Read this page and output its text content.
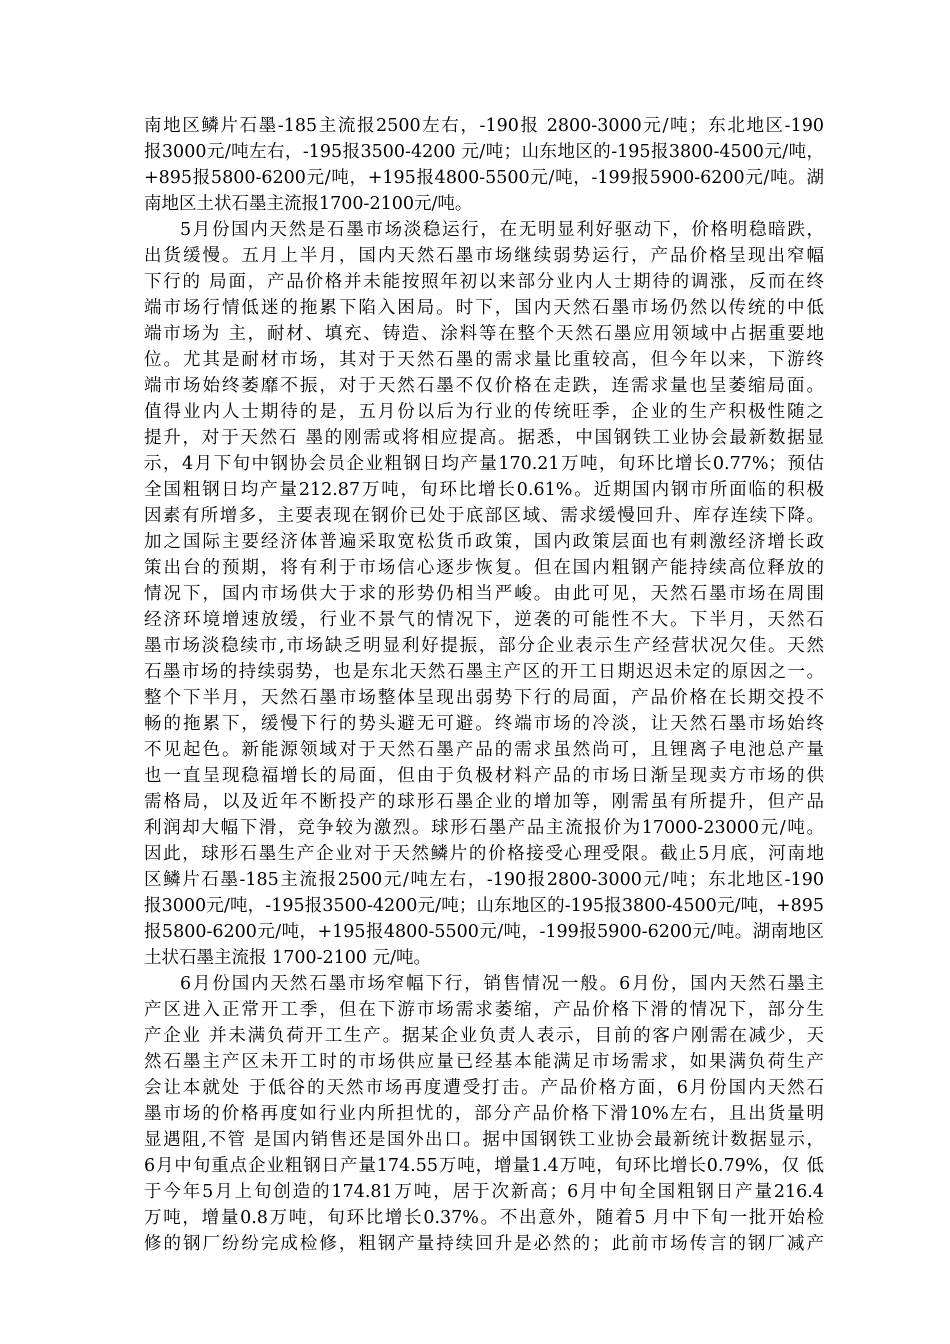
南地区鳞片石墨-185主流报2500左右，-190报 2800-3000元/吨；东北地区-190
报3000元/吨左右，-195报3500-4200 元/吨；山东地区的-195报3800-4500元/吨，
+895报5800-6200元/吨，+195报4800-5500元/吨，-199报5900-6200元/吨。湖
南地区土状石墨主流报1700-2100元/吨。
5月份国内天然是石墨市场淡稳运行，在无明显利好驱动下，价格明稳暗跌，
出货缓慢。五月上半月，国内天然石墨市场继续弱势运行，产品价格呈现出窄幅
下行的 局面，产品价格并未能按照年初以来部分业内人士期待的调涨，反而在终
端市场行情低迷的拖累下陷入困局。时下，国内天然石墨市场仍然以传统的中低
端市场为 主，耐材、填充、铸造、涂料等在整个天然石墨应用领域中占据重要地
位。尤其是耐材市场，其对于天然石墨的需求量比重较高，但今年以来，下游终
端市场始终萎靡不振，对于天然石墨不仅价格在走跌，连需求量也呈萎缩局面。
值得业内人士期待的是，五月份以后为行业的传统旺季，企业的生产积极性随之
提升，对于天然石 墨的刚需或将相应提高。据悉，中国钢铁工业协会最新数据显
示，4月下旬中钢协会员企业粗钢日均产量170.21万吨，旬环比增长0.77%；预估
全国粗钢日均产量212.87万吨，旬环比增长0.61%。近期国内钢市所面临的积极
因素有所增多，主要表现在钢价已处于底部区域、需求缓慢回升、库存连续下降。
加之国际主要经济体普遍采取宽松货币政策，国内政策层面也有刺激经济增长政
策出台的预期，将有利于市场信心逐步恢复。但在国内粗钢产能持续高位释放的
情况下，国内市场供大于求的形势仍相当严峻。由此可见，天然石墨市场在周围
经济环境增速放缓，行业不景气的情况下，逆袭的可能性不大。下半月，天然石
墨市场淡稳续市,市场缺乏明显利好提振，部分企业表示生产经营状况欠佳。天然
石墨市场的持续弱势，也是东北天然石墨主产区的开工日期迟迟未定的原因之一。
整个下半月，天然石墨市场整体呈现出弱势下行的局面，产品价格在长期交投不
畅的拖累下，缓慢下行的势头避无可避。终端市场的冷淡，让天然石墨市场始终
不见起色。新能源领域对于天然石墨产品的需求虽然尚可，且锂离子电池总产量
也一直呈现稳福增长的局面，但由于负极材料产品的市场日渐呈现卖方市场的供
需格局，以及近年不断投产的球形石墨企业的增加等，刚需虽有所提升，但产品
利润却大幅下滑，竞争较为激烈。球形石墨产品主流报价为17000-23000元/吨。
因此，球形石墨生产企业对于天然鳞片的价格接受心理受限。截止5月底，河南地
区鳞片石墨-185主流报2500元/吨左右，-190报2800-3000元/吨；东北地区-190
报3000元/吨，-195报3500-4200元/吨；山东地区的-195报3800-4500元/吨，+895
报5800-6200元/吨，+195报4800-5500元/吨，-199报5900-6200元/吨。湖南地区
土状石墨主流报 1700-2100 元/吨。
6月份国内天然石墨市场窄幅下行，销售情况一般。6月份，国内天然石墨主
产区进入正常开工季，但在下游市场需求萎缩，产品价格下滑的情况下，部分生
产企业 并未满负荷开工生产。据某企业负责人表示，目前的客户刚需在减少，天
然石墨主产区未开工时的市场供应量已经基本能满足市场需求，如果满负荷生产
会让本就处 于低谷的天然市场再度遭受打击。产品价格方面，6月份国内天然石
墨市场的价格再度如行业内所担忧的，部分产品价格下滑10%左右，且出货量明
显遇阻,不管 是国内销售还是国外出口。据中国钢铁工业协会最新统计数据显示，
6月中旬重点企业粗钢日产量174.55万吨，增量1.4万吨，旬环比增长0.79%，仅 低
于今年5月上旬创造的174.81万吨，居于次新高；6月中旬全国粗钢日产量216.4
万吨，增量0.8万吨，旬环比增长0.37%。不出意外，随着5 月中下旬一批开始检
修的钢厂纷纷完成检修，粗钢产量持续回升是必然的；此前市场传言的钢厂减产
